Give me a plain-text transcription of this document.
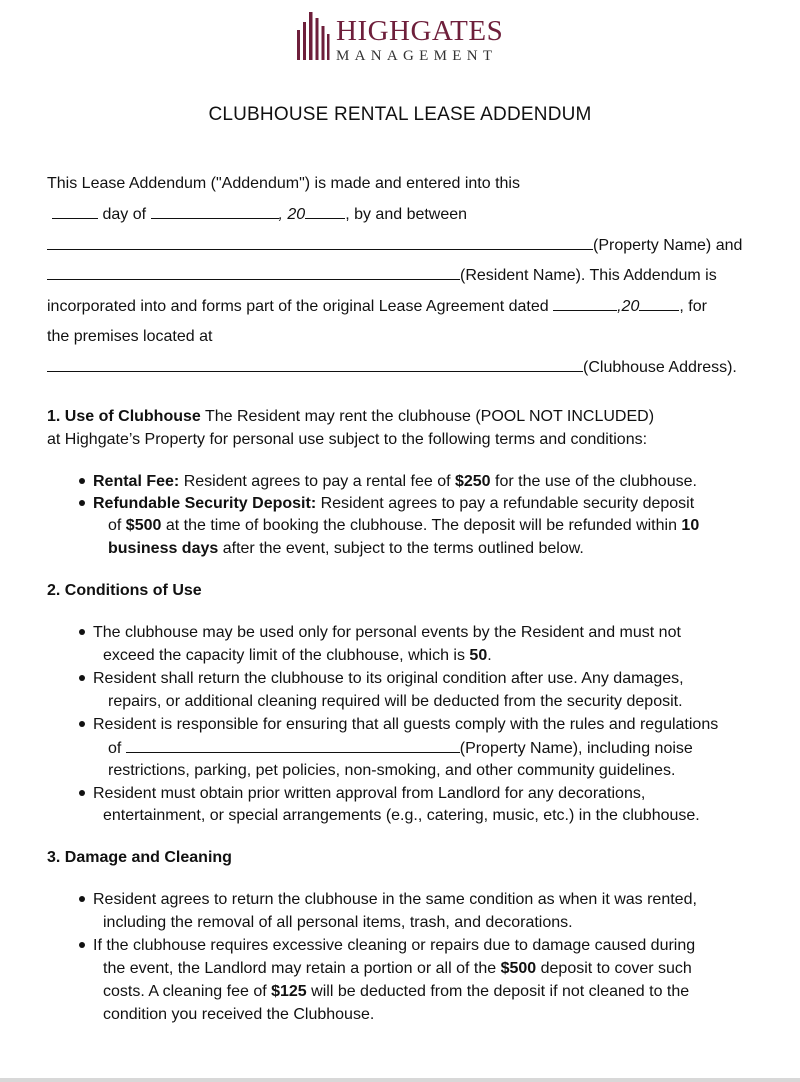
HIGHGATES
MANAGEMENT
CLUBHOUSE RENTAL LEASE ADDENDUM
This Lease Addendum ("Addendum") is made and entered into this
day of	, 20	, by and between
(Property Name) and
(Resident Name). This Addendum is
incorporated into and forms part of the original Lease Agreement dated	,20	, for
the premises located at
(Clubhouse Address).
1. Use of Clubhouse The Resident may rent the clubhouse (POOL NOT INCLUDED)
at Highgate’s Property for personal use subject to the following terms and conditions:
Rental Fee: Resident agrees to pay a rental fee of $250 for the use of the clubhouse.
Refundable Security Deposit: Resident agrees to pay a refundable security deposit
of $500 at the time of booking the clubhouse. The deposit will be refunded within 10
business days after the event, subject to the terms outlined below.
2. Conditions of Use
The clubhouse may be used only for personal events by the Resident and must not
exceed the capacity limit of the clubhouse, which is 50.
Resident shall return the clubhouse to its original condition after use. Any damages,
repairs, or additional cleaning required will be deducted from the security deposit.
Resident is responsible for ensuring that all guests comply with the rules and regulations
of	(Property Name), including noise
restrictions, parking, pet policies, non-smoking, and other community guidelines.
Resident must obtain prior written approval from Landlord for any decorations,
entertainment, or special arrangements (e.g., catering, music, etc.) in the clubhouse.
3. Damage and Cleaning
Resident agrees to return the clubhouse in the same condition as when it was rented,
including the removal of all personal items, trash, and decorations.
If the clubhouse requires excessive cleaning or repairs due to damage caused during
the event, the Landlord may retain a portion or all of the $500 deposit to cover such
costs. A cleaning fee of $125 will be deducted from the deposit if not cleaned to the
condition you received the Clubhouse.
